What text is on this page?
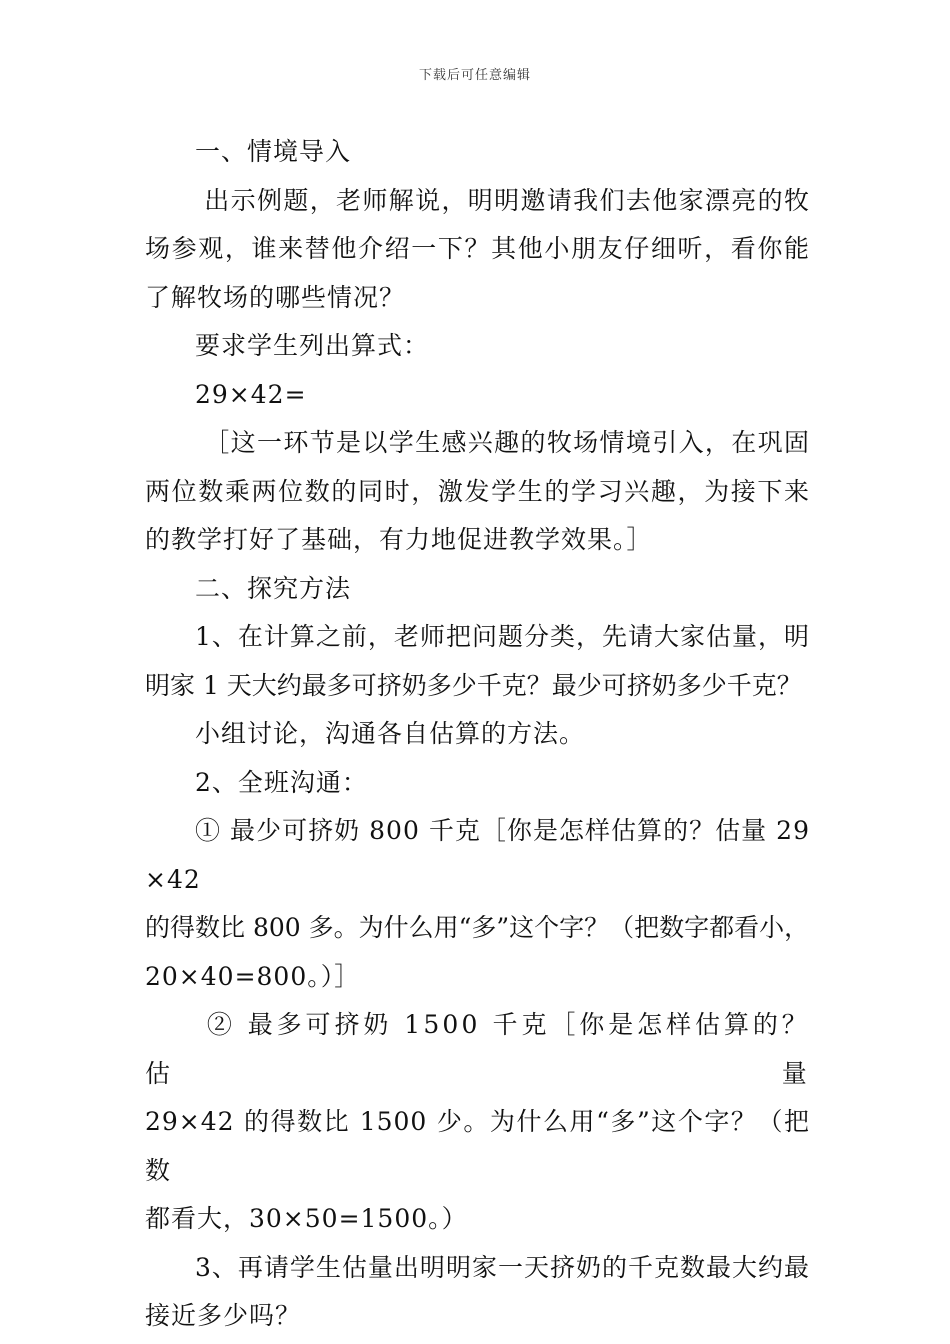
下载后可任意编辑

一、情境导入

出示例题，老师解说，明明邀请我们去他家漂亮的牧
场参观，谁来替他介绍一下？其他小朋友仔细听，看你能
了解牧场的哪些情况？

要求学生列出算式：

29×42=

［这一环节是以学生感兴趣的牧场情境引入，在巩固
两位数乘两位数的同时，激发学生的学习兴趣，为接下来
的教学打好了基础，有力地促进教学效果。］

二、探究方法

1、在计算之前，老师把问题分类，先请大家估量，明
明家 1 天大约最多可挤奶多少千克？最少可挤奶多少千克？

小组讨论，沟通各自估算的方法。

2、全班沟通：

① 最少可挤奶 800 千克［你是怎样估算的？估量 29×42
的得数比 800 多。为什么用“多”这个字？（把数字都看小，
20×40=800。）］

② 最多可挤奶 1500 千克［你是怎样估算的？估量
29×42 的得数比 1500 少。为什么用“多”这个字？（把数
都看大，30×50=1500。）

3、再请学生估量出明明家一天挤奶的千克数最大约最
接近多少吗？
